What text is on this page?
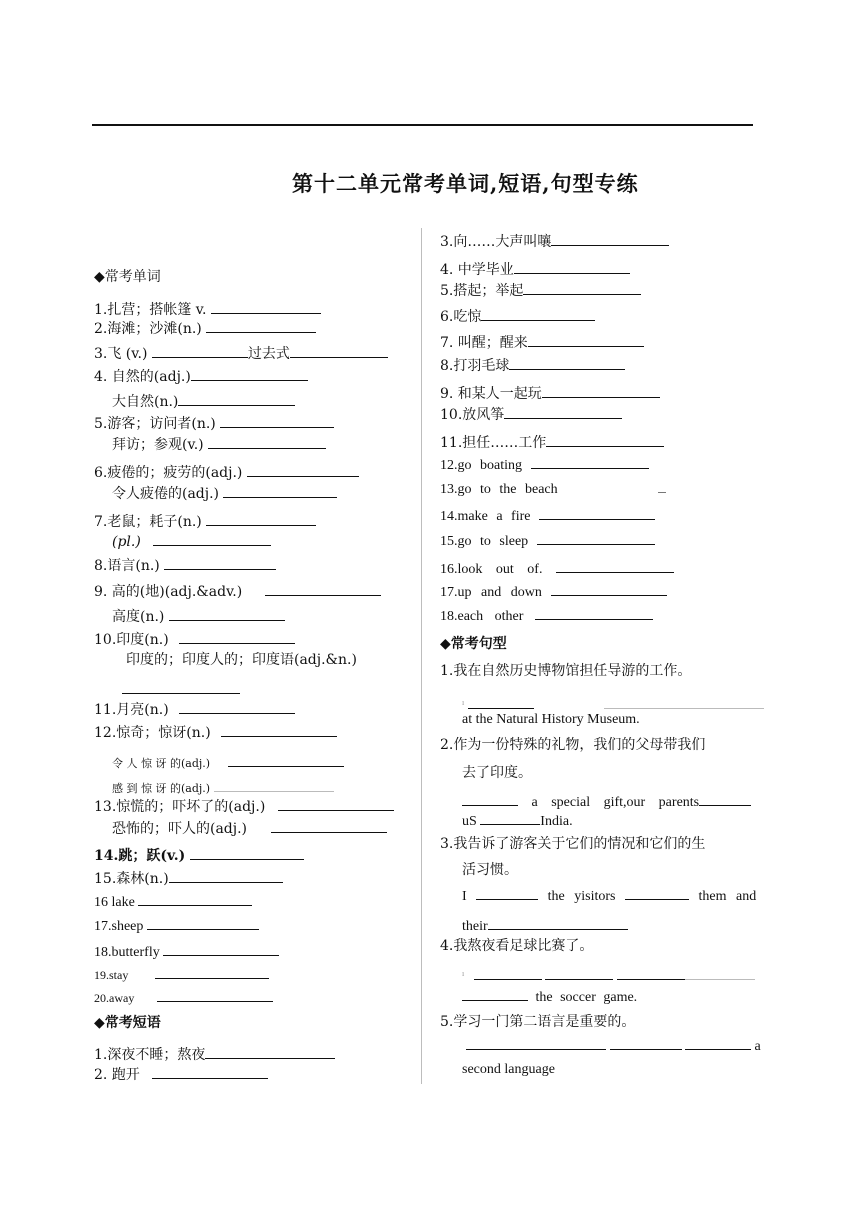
第十二单元常考单词,短语,句型专练
◆常考单词
1.扎营；搭帐篷 v.
2.海滩；沙滩(n.)
3.飞 (v.)	过去式
4. 自然的(adj.)
大自然(n.)
5.游客；访问者(n.)
拜访；参观(v.)
6.疲倦的；疲劳的(adj.)
令人疲倦的(adj.)
7.老鼠；耗子(n.)
(pl.)
8.语言(n.)
9. 高的(地)(adj.&adv.)
高度(n.)
10.印度(n.)
印度的；印度人的；印度语(adj.&n.)
11.月亮(n.)
12.惊奇；惊讶(n.)
令 人 惊 讶 的(adj.)
感 到 惊 讶 的(adj.)
13.惊慌的；吓坏了的(adj.)
恐怖的；吓人的(adj.)
14.跳；跃(v.)
15.森林(n.)
16 lake
17.sheep
18.butterfly
19.stay
20.away
◆常考短语
1.深夜不睡；熬夜
2. 跑开
3.向……大声叫嚷
4. 中学毕业
5.搭起；举起
6.吃惊
7. 叫醒；醒来
8.打羽毛球
9. 和某人一起玩
10.放风筝
11.担任……工作
12.go boating
13.go to the beach
14.make a fire
15.go to sleep
16.look out of.
17.up and down
18.each other
◆常考句型
1.我在自然历史博物馆担任导游的工作。
$^ı$
at the Natural History Museum.
2.作为一份特殊的礼物，我们的父母带我们
去了印度。
a special gift,our parents
uS	India.
3.我告诉了游客关于它们的情况和它们的生
活习惯。
I	the yisitors	them and
their
4.我熬夜看足球比赛了。
$^ı$
the soccer game.
5.学习一门第二语言是重要的。
a
second language
